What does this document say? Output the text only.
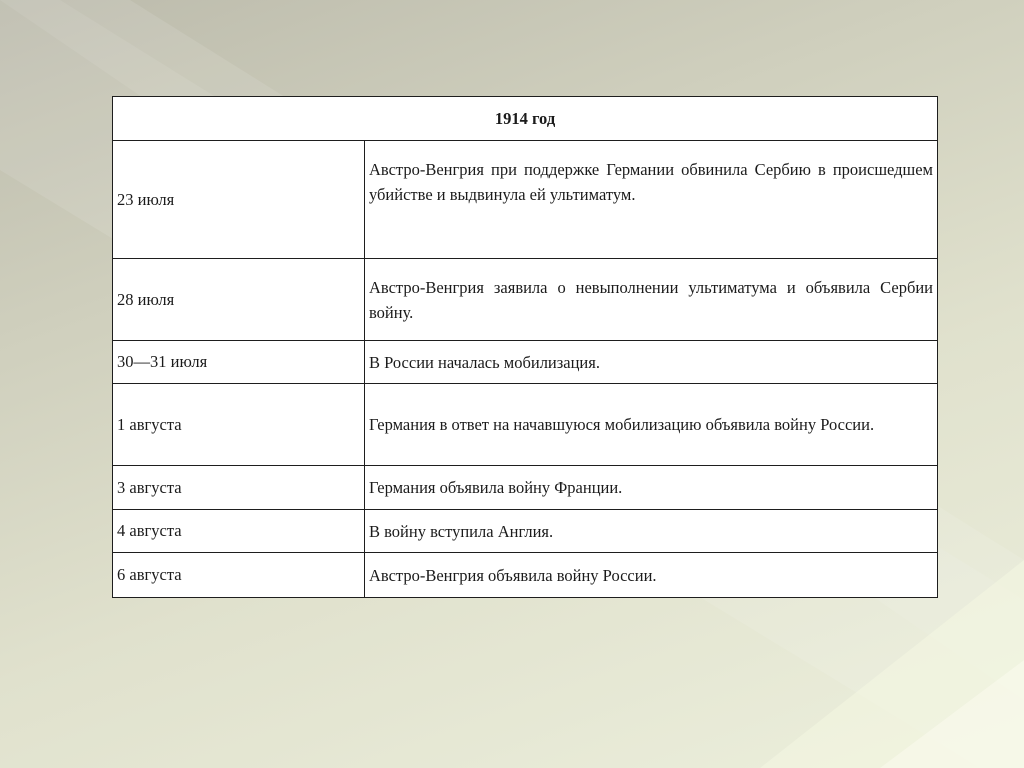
1914 год	
23 июля	Австро-Венгрия при поддержке Германии обвинила Сербию в происшедшем убийстве и выдвинула ей ультиматум.
28 июля	Австро-Венгрия заявила о невыполнении ультиматума и объявила Сербии войну.
30—31 июля	В России началась мобилизация.
1 августа	Германия в ответ на начавшуюся мобилизацию объявила войну России.
3 августа	Германия объявила войну Франции.
4 августа	В войну вступила Англия.
6 августа	Австро-Венгрия объявила войну России.
